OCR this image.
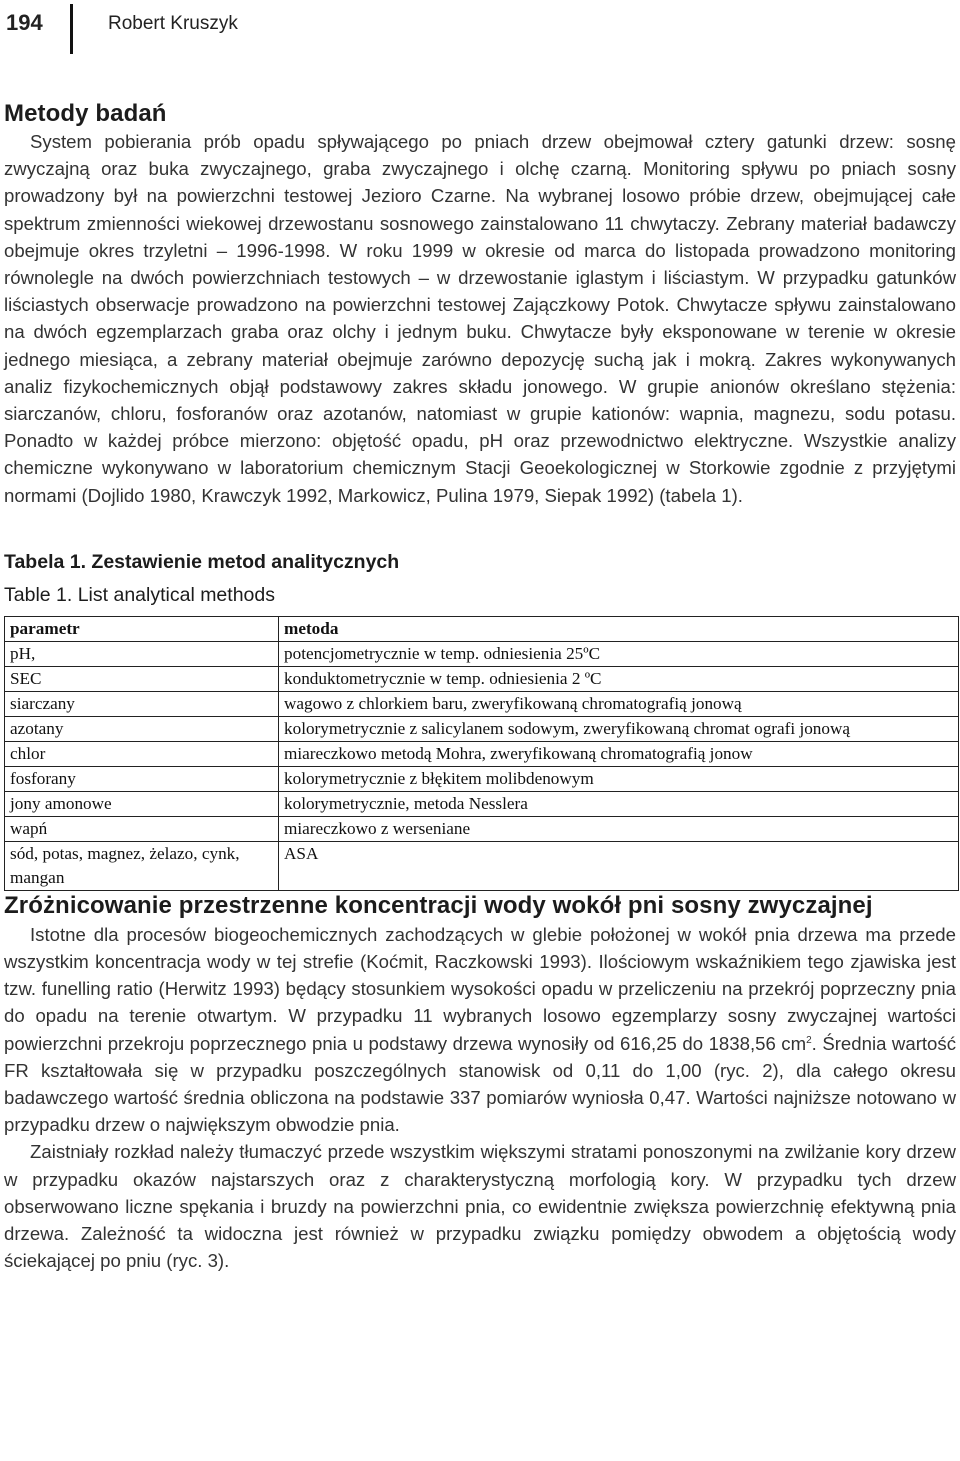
194	Robert Kruszyk
Metody badań

System pobierania prób opadu spływającego po pniach drzew obejmował cztery gatunki drzew: sosnę zwyczajną oraz buka zwyczajnego, graba zwyczajnego i olchę czarną. Monitoring spływu po pniach sosny prowadzony był na powierzchni testowej Jezioro Czarne. Na wybranej losowo próbie drzew, obejmującej całe spektrum zmienności wiekowej drzewostanu sosnowego zainstalowano 11 chwytaczy. Zebrany materiał badawczy obejmuje okres trzyletni – 1996-1998. W roku 1999 w okresie od marca do listopada prowadzono monitoring równolegle na dwóch powierzchniach testowych – w drzewostanie iglastym i liściastym. W przypadku gatunków liściastych obserwacje prowadzono na powierzchni testowej Zajączkowy Potok. Chwytacze spływu zainstalowano na dwóch egzemplarzach graba oraz olchy i jednym buku. Chwytacze były eksponowane w terenie w okresie jednego miesiąca, a zebrany materiał obejmuje zarówno depozycję suchą jak i mokrą. Zakres wykonywanych analiz fizykochemicznych objął podstawowy zakres składu jonowego. W grupie anionów określano stężenia: siarczanów, chloru, fosforanów oraz azotanów, natomiast w grupie kationów: wapnia, magnezu, sodu potasu. Ponadto w każdej próbce mierzono: objętość opadu, pH oraz przewodnictwo elektryczne. Wszystkie analizy chemiczne wykonywano w laboratorium chemicznym Stacji Geoekologicznej w Storkowie zgodnie z przyjętymi normami (Dojlido 1980, Krawczyk 1992, Markowicz, Pulina 1979, Siepak 1992) (tabela 1).

Tabela 1. Zestawienie metod analitycznych
Table 1. List analytical methods
parametr	metoda
pH,	potencjometrycznie w temp. odniesienia 25ºC
SEC	konduktometrycznie w temp. odniesienia 2 ºC
siarczany	wagowo z chlorkiem baru, zweryfikowaną chromatografią jonową
azotany	kolorymetrycznie z salicylanem sodowym, zweryfikowaną chromat ografi jonową
chlor	miareczkowo metodą Mohra, zweryfikowaną chromatografią jonow
fosforany	kolorymetrycznie z błękitem molibdenowym
jony amonowe	kolorymetrycznie, metoda Nesslera
wapń	miareczkowo z werseniane
sód, potas, magnez, żelazo, cynk, mangan	ASA
Zróżnicowanie przestrzenne koncentracji wody wokół pni sosny zwyczajnej

Istotne dla procesów biogeochemicznych zachodzących w glebie położonej w wokół pnia drzewa ma przede wszystkim koncentracja wody w tej strefie (Koćmit, Raczkowski 1993). Ilościowym wskaźnikiem tego zjawiska jest tzw. funelling ratio (Herwitz 1993) będący stosunkiem wysokości opadu w przeliczeniu na przekrój poprzeczny pnia do opadu na terenie otwartym. W przypadku 11 wybranych losowo egzemplarzy sosny zwyczajnej wartości powierzchni przekroju poprzecznego pnia u podstawy drzewa wynosiły od 616,25 do 1838,56 $cm^2$. Średnia wartość FR kształtowała się w przypadku poszczególnych stanowisk od 0,11 do 1,00 (ryc. 2), dla całego okresu badawczego wartość średnia obliczona na podstawie 337 pomiarów wyniosła 0,47. Wartości najniższe notowano w przypadku drzew o największym obwodzie pnia.

Zaistniały rozkład należy tłumaczyć przede wszystkim większymi stratami ponoszonymi na zwilżanie kory drzew w przypadku okazów najstarszych oraz z charakterystyczną morfologią kory. W przypadku tych drzew obserwowano liczne spękania i bruzdy na powierzchni pnia, co ewidentnie zwiększa powierzchnię efektywną pnia drzewa. Zależność ta widoczna jest również w przypadku związku pomiędzy obwodem a objętością wody ściekającej po pniu (ryc. 3).
